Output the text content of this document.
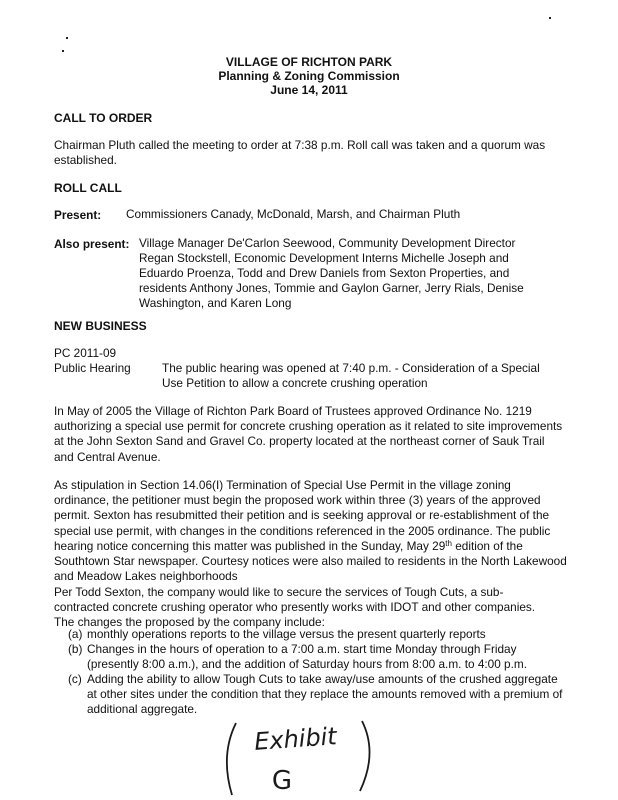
VILLAGE OF RICHTON PARK
Planning & Zoning Commission
June 14, 2011
CALL TO ORDER
Chairman Pluth called the meeting to order at 7:38 p.m. Roll call was taken and a quorum was established.
ROLL CALL
Present: Commissioners Canady, McDonald, Marsh, and Chairman Pluth
Also present: Village Manager De'Carlon Seewood, Community Development Director
Regan Stockstell, Economic Development Interns Michelle Joseph and
Eduardo Proenza, Todd and Drew Daniels from Sexton Properties, and
residents Anthony Jones, Tommie and Gaylon Garner, Jerry Rials, Denise
Washington, and Karen Long
NEW BUSINESS
PC 2011-09
Public Hearing	The public hearing was opened at 7:40 p.m. - Consideration of a Special
Use Petition to allow a concrete crushing operation
In May of 2005 the Village of Richton Park Board of Trustees approved Ordinance No. 1219 authorizing a special use permit for concrete crushing operation as it related to site improvements at the John Sexton Sand and Gravel Co. property located at the northeast corner of Sauk Trail and Central Avenue.
As stipulation in Section 14.06(I) Termination of Special Use Permit in the village zoning ordinance, the petitioner must begin the proposed work within three (3) years of the approved permit. Sexton has resubmitted their petition and is seeking approval or re-establishment of the special use permit, with changes in the conditions referenced in the 2005 ordinance. The public hearing notice concerning this matter was published in the Sunday, May 29th edition of the Southtown Star newspaper. Courtesy notices were also mailed to residents in the North Lakewood and Meadow Lakes neighborhoods
Per Todd Sexton, the company would like to secure the services of Tough Cuts, a sub-
contracted concrete crushing operator who presently works with IDOT and other companies.
The changes the proposed by the company include:
(a) monthly operations reports to the village versus the present quarterly reports
(b) Changes in the hours of operation to a 7:00 a.m. start time Monday through Friday (presently 8:00 a.m.), and the addition of Saturday hours from 8:00 a.m. to 4:00 p.m.
(c) Adding the ability to allow Tough Cuts to take away/use amounts of the crushed aggregate at other sites under the condition that they replace the amounts removed with a premium of additional aggregate.
Exhibit
G
